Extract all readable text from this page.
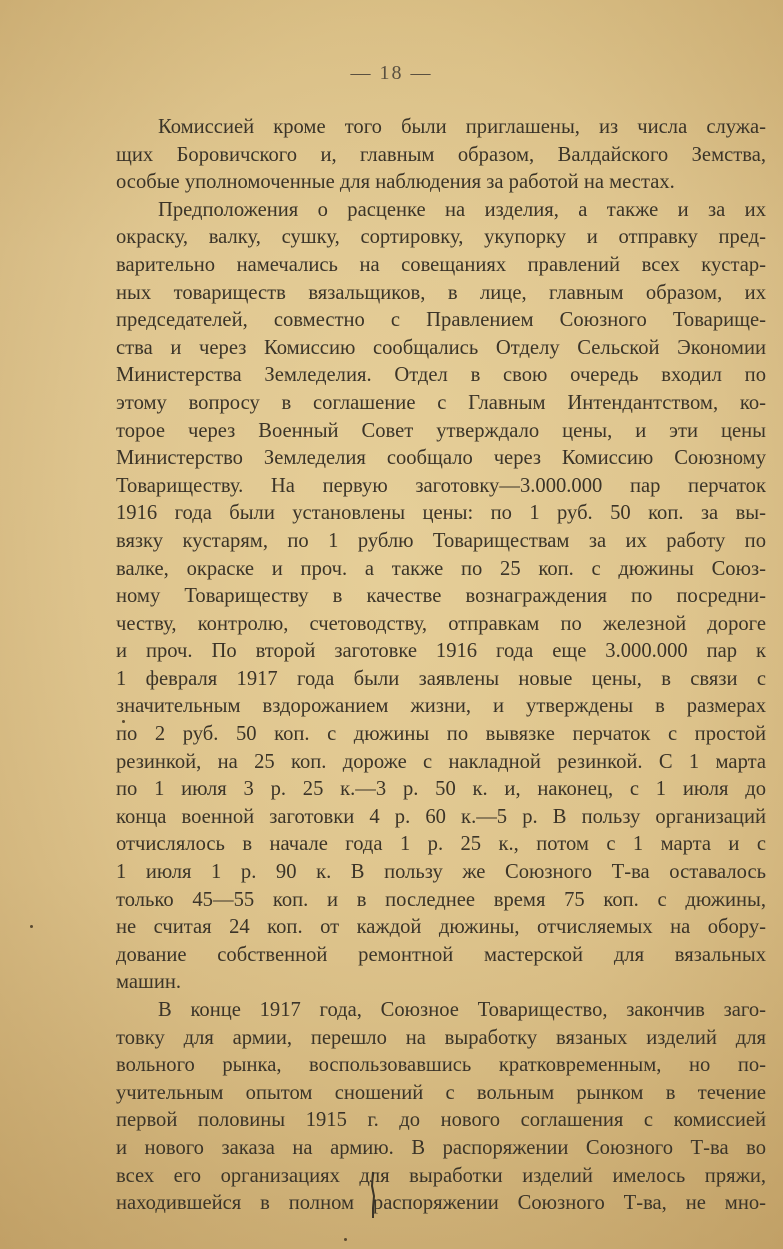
— 18 —
Комиссией кроме того были приглашены, из числа служа-
щих Боровичского и, главным образом, Валдайского Земства,
особые уполномоченные для наблюдения за работой на местах.
Предположения о расценке на изделия, а также и за их
окраску, валку, сушку, сортировку, укупорку и отправку пред-
варительно намечались на совещаниях правлений всех кустар-
ных товариществ вязальщиков, в лице, главным образом, их
председателей, совместно с Правлением Союзного Товарище-
ства и через Комиссию сообщались Отделу Сельской Экономии
Министерства Земледелия. Отдел в свою очередь входил по
этому вопросу в соглашение с Главным Интендантством, ко-
торое через Военный Совет утверждало цены, и эти цены
Министерство Земледелия сообщало через Комиссию Союзному
Товариществу. На первую заготовку—3.000.000 пар перчаток
1916 года были установлены цены: по 1 руб. 50 коп. за вы-
вязку кустарям, по 1 рублю Товариществам за их работу по
валке, окраске и проч. а также по 25 коп. с дюжины Союз-
ному Товариществу в качестве вознаграждения по посредни-
честву, контролю, счетоводству, отправкам по железной дороге
и проч. По второй заготовке 1916 года еще 3.000.000 пар к
1 февраля 1917 года были заявлены новые цены, в связи с
значительным вздорожанием жизни, и утверждены в размерах
по 2 руб. 50 коп. с дюжины по вывязке перчаток с простой
резинкой, на 25 коп. дороже с накладной резинкой. С 1 марта
по 1 июля 3 р. 25 к.—3 р. 50 к. и, наконец, с 1 июля до
конца военной заготовки 4 р. 60 к.—5 р. В пользу организаций
отчислялось в начале года 1 р. 25 к., потом с 1 марта и с
1 июля 1 р. 90 к. В пользу же Союзного Т-ва оставалось
только 45—55 коп. и в последнее время 75 коп. с дюжины,
не считая 24 коп. от каждой дюжины, отчисляемых на обору-
дование собственной ремонтной мастерской для вязальных
машин.
В конце 1917 года, Союзное Товарищество, закончив заго-
товку для армии, перешло на выработку вязаных изделий для
вольного рынка, воспользовавшись кратковременным, но по-
учительным опытом сношений с вольным рынком в течение
первой половины 1915 г. до нового соглашения с комиссией
и нового заказа на армию. В распоряжении Союзного Т-ва во
всех его организациях для выработки изделий имелось пряжи,
находившейся в полном распоряжении Союзного Т-ва, не мно-
